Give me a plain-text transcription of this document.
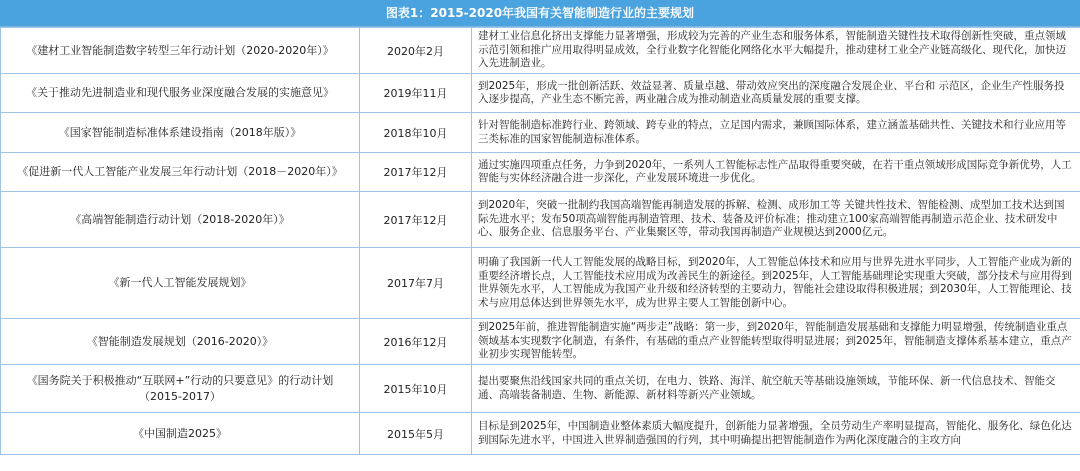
图表1：2015-2020年我国有关智能制造行业的主要规划
《建材工业智能制造数字转型三年行动计划（2020-2020年）》	2020年2月	建材工业信息化挤出支撑能力显著增强，形成较为完善的产业生态和服务体系，智能制造关键性技术取得创新性突破，重点领域示范引领和推广应用取得明显成效，全行业数字化智能化网络化水平大幅提升，推动建材工业全产业链高级化、现代化，加快迈入先进制造业。
《关于推动先进制造业和现代服务业深度融合发展的实施意见》	2019年11月	到2025年，形成一批创新活跃、效益显著、质量卓越、带动效应突出的深度融合发展企业、平台和 示范区，企业生产性服务投入逐步提高，产业生态不断完善，两业融合成为推动制造业高质量发展的重要支撑。
《国家智能制造标准体系建设指南（2018年版）》	2018年10月	针对智能制造标准跨行业、跨领域、跨专业的特点，立足国内需求，兼顾国际体系，建立涵盖基础共性、关键技术和行业应用等三类标准的国家智能制造标准体系。
《促进新一代人工智能产业发展三年行动计划（2018－2020年）》	2017年12月	通过实施四项重点任务，力争到2020年，一系列人工智能标志性产品取得重要突破，在若干重点领域形成国际竞争新优势，人工智能与实体经济融合进一步深化，产业发展环境进一步优化。
《高端智能制造行动计划（2018-2020年）》	2017年12月	到2020年，突破一批制约我国高端智能再制造发展的拆解、检测、成形加工等 关键共性技术、智能检测、成型加工技术达到国际先进水平；发布50项高端智能再制造管理、技术、装备及评价标准；推动建立100家高端智能再制造示范企业、技术研发中心、服务企业、信息服务平台、产业集聚区等，带动我国再制造产业规模达到2000亿元。
《新一代人工智能发展规划》	2017年7月	明确了我国新一代人工智能发展的战略目标，到2020年，人工智能总体技术和应用与世界先进水平同步，人工智能产业成为新的重要经济增长点，人工智能技术应用成为改善民生的新途径。到2025年，人工智能基础理论实现重大突破，部分技术与应用得到世界领先水平，人工智能成为我国产业升级和经济转型的主要动力，智能社会建设取得积极进展；到2030年，人工智能理论、技术与应用总体达到世界领先水平，成为世界主要人工智能创新中心。
《智能制造发展规划（2016-2020）》	2016年12月	到2025年前，推进智能制造实施“两步走”战略：第一步，到2020年，智能制造发展基础和支撑能力明显增强，传统制造业重点领域基本实现数字化制造，有条件，有基础的重点产业智能转型取得明显进展；到2025年，智能制造支撑体系基本建立，重点产业初步实现智能转型。
《国务院关于积极推动“互联网+”行动的只要意见》的行动计划（2015-2017）	2015年10月	提出要聚焦沿线国家共同的重点关切，在电力、铁路、海洋、航空航天等基础设施领域，节能环保、新一代信息技术、智能交通、高端装备制造、生物、新能源、新材料等新兴产业领域。
《中国制造2025》	2015年5月	目标是到2025年，中国制造业整体素质大幅度提升，创新能力显著增强，全员劳动生产率明显提高，智能化、服务化、绿色化达到国际先进水平，中国进入世界制造强国的行列，其中明确提出把智能制造作为两化深度融合的主攻方向
